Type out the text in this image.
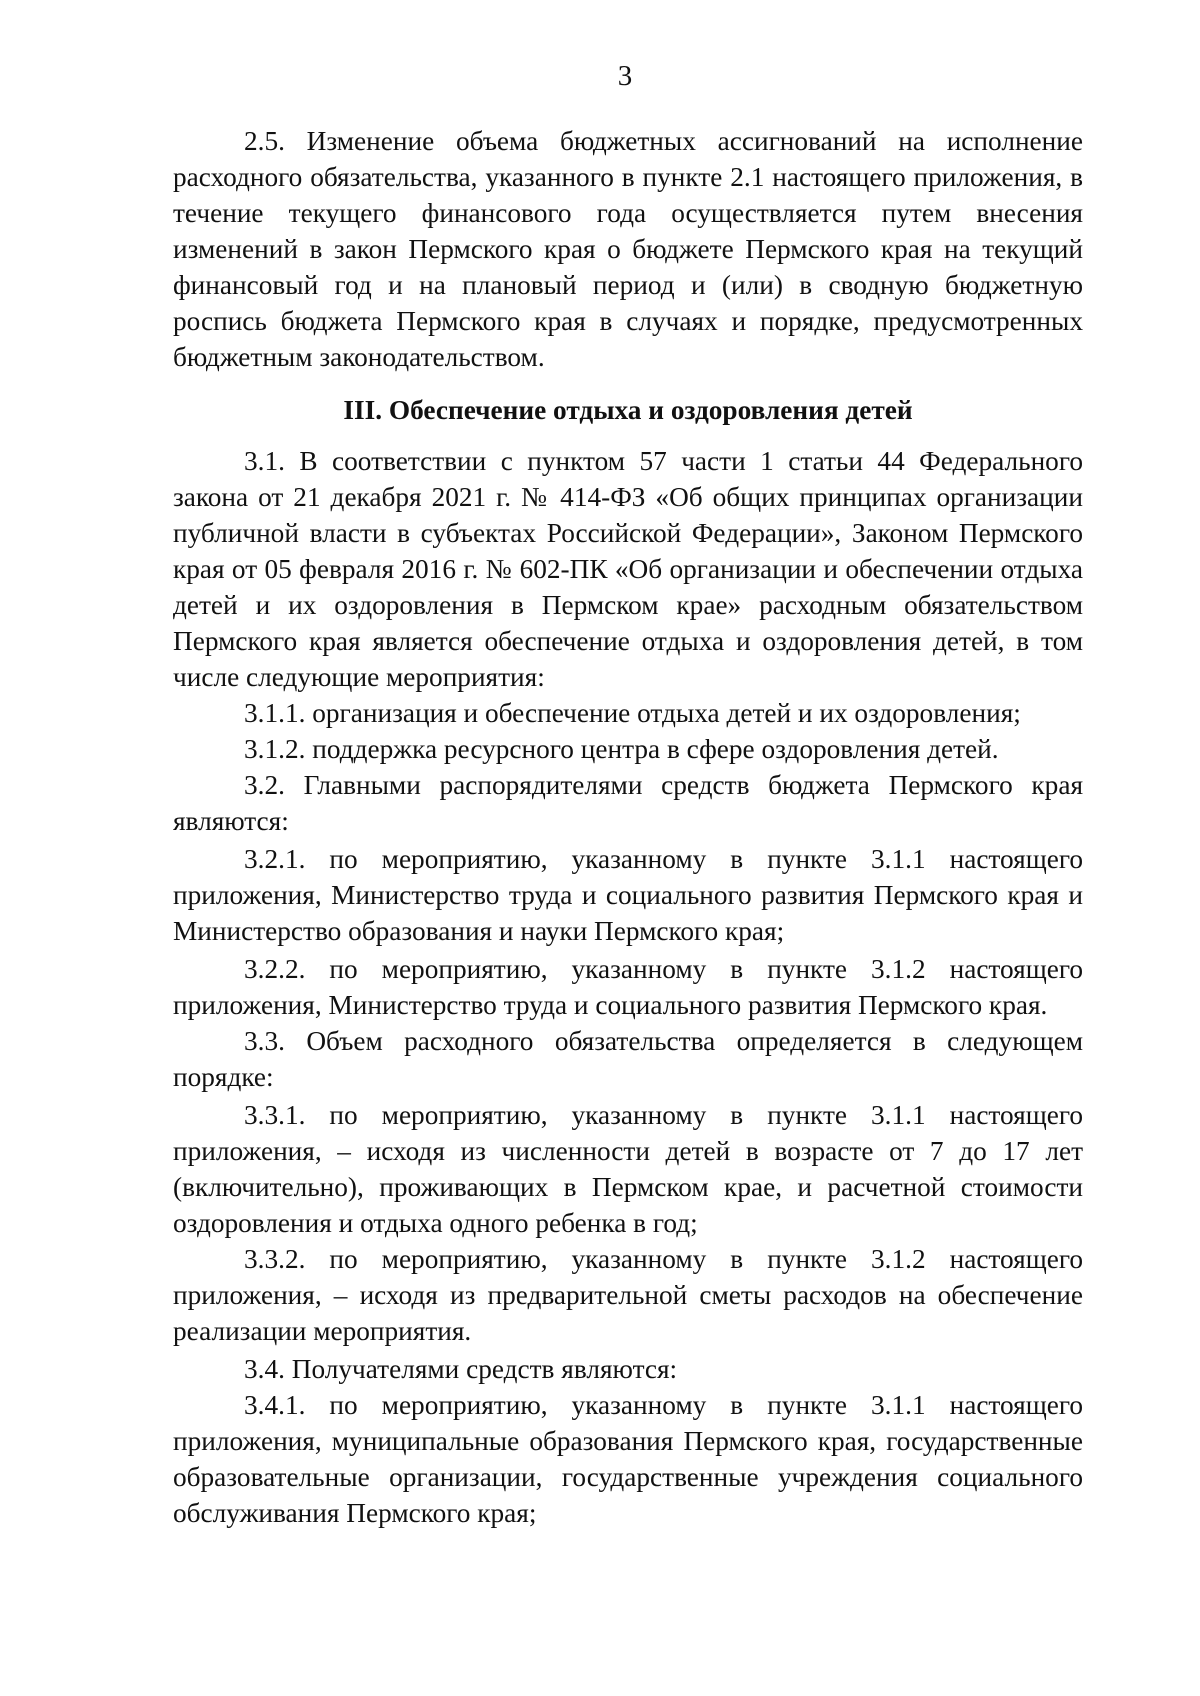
3

2.5. Изменение объема бюджетных ассигнований на исполнение расходного обязательства, указанного в пункте 2.1 настоящего приложения, в течение текущего финансового года осуществляется путем внесения изменений в закон Пермского края о бюджете Пермского края на текущий финансовый год и на плановый период и (или) в сводную бюджетную роспись бюджета Пермского края в случаях и порядке, предусмотренных бюджетным законодательством.

III. Обеспечение отдыха и оздоровления детей

3.1. В соответствии с пунктом 57 части 1 статьи 44 Федерального закона от 21 декабря 2021 г. № 414-ФЗ «Об общих принципах организации публичной власти в субъектах Российской Федерации», Законом Пермского края от 05 февраля 2016 г. № 602-ПК «Об организации и обеспечении отдыха детей и их оздоровления в Пермском крае» расходным обязательством Пермского края является обеспечение отдыха и оздоровления детей, в том числе следующие мероприятия:

3.1.1. организация и обеспечение отдыха детей и их оздоровления;

3.1.2. поддержка ресурсного центра в сфере оздоровления детей.

3.2. Главными распорядителями средств бюджета Пермского края являются:

3.2.1. по мероприятию, указанному в пункте 3.1.1 настоящего приложения, Министерство труда и социального развития Пермского края и Министерство образования и науки Пермского края;

3.2.2. по мероприятию, указанному в пункте 3.1.2 настоящего приложения, Министерство труда и социального развития Пермского края.

3.3. Объем расходного обязательства определяется в следующем порядке:

3.3.1. по мероприятию, указанному в пункте 3.1.1 настоящего приложения, – исходя из численности детей в возрасте от 7 до 17 лет (включительно), проживающих в Пермском крае, и расчетной стоимости оздоровления и отдыха одного ребенка в год;

3.3.2. по мероприятию, указанному в пункте 3.1.2 настоящего приложения, – исходя из предварительной сметы расходов на обеспечение реализации мероприятия.

3.4. Получателями средств являются:

3.4.1. по мероприятию, указанному в пункте 3.1.1 настоящего приложения, муниципальные образования Пермского края, государственные образовательные организации, государственные учреждения социального обслуживания Пермского края;
